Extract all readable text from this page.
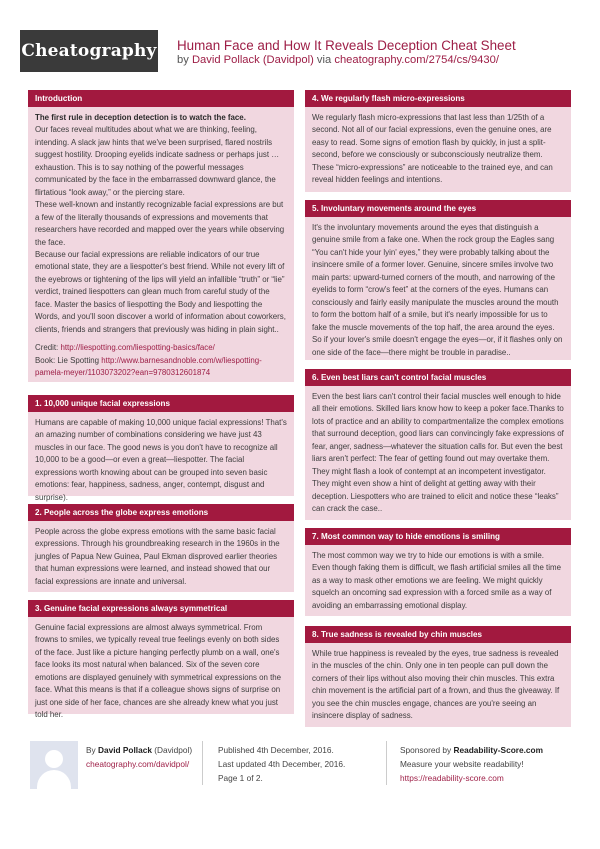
Cheatography Human Face and How It Reveals Deception Cheat Sheet
by David Pollack (Davidpol) via cheatography.com/2754/cs/9430/
Introduction

The first rule in deception detection is to watch the face.

Our faces reveal multitudes about what we are thinking, feeling, intending. A slack jaw hints that we've been surprised, flared nostrils suggest hostility. Drooping eyelids indicate sadness or perhaps just … exhaustion. This is to say nothing of the powerful messages communicated by the face in the embarrassed downward glance, the flirtatious “look away,” or the piercing stare.

These well-known and instantly recognizable facial expressions are but a few of the literally thousands of expressions and movements that researchers have recorded and mapped over the years while observing the face.

Because our facial expressions are reliable indicators of our true emotional state, they are a liespotter's best friend. While not every lift of the eyebrows or tightening of the lips will yield an infallible “truth” or “lie” verdict, trained liespotters can glean much from careful study of the face. Master the basics of liespotting the Body and liespotting the Words, and you'll soon discover a world of information about coworkers, clients, friends and strangers that previously was hiding in plain sight..

Credit: http://liespotting.com/liespotting-basics/face/

Book: Lie Spotting http://www.barnesandnoble.com/w/liespotting-pamela-meyer/1103073202?ean=9780312601874

1. 10,000 unique facial expressions

Humans are capable of making 10,000 unique facial expressions! That's an amazing number of combinations considering we have just 43 muscles in our face. The good news is you don't have to recognize all 10,000 to be a good—or even a great—liespotter. The facial expressions worth knowing about can be grouped into seven basic emotions: fear, happiness, sadness, anger, contempt, disgust and surprise).

2. People across the globe express emotions

People across the globe express emotions with the same basic facial expressions. Through his groundbreaking research in the 1960s in the jungles of Papua New Guinea, Paul Ekman disproved earlier theories that human expressions were learned, and instead showed that our facial expressions are innate and universal.

3. Genuine facial expressions always symmetrical

Genuine facial expressions are almost always symmetrical. From frowns to smiles, we typically reveal true feelings evenly on both sides of the face. Just like a picture hanging perfectly plumb on a wall, one's face looks its most natural when balanced. Six of the seven core emotions are displayed genuinely with symmetrical expressions on the face. What this means is that if a colleague shows signs of surprise on just one side of her face, chances are she already knew what you just told her.

4. We regularly flash micro-expressions

We regularly flash micro-expressions that last less than 1/25th of a second. Not all of our facial expressions, even the genuine ones, are easy to read. Some signs of emotion flash by quickly, in just a split-second, before we consciously or subconsciously neutralize them. These “micro-expressions” are noticeable to the trained eye, and can reveal hidden feelings and intentions.

5. Involuntary movements around the eyes

It's the involuntary movements around the eyes that distinguish a genuine smile from a fake one. When the rock group the Eagles sang “You can't hide your lyin' eyes,” they were probably talking about the insincere smile of a former lover. Genuine, sincere smiles involve two main parts: upward-turned corners of the mouth, and narrowing of the eyelids to form “crow's feet” at the corners of the eyes. Humans can consciously and fairly easily manipulate the muscles around the mouth to form the bottom half of a smile, but it's nearly impossible for us to fake the muscle movements of the top half, the area around the eyes. So if your lover's smile doesn't engage the eyes—or, if it flashes only on one side of the face—there might be trouble in paradise..

6. Even best liars can't control facial muscles

Even the best liars can't control their facial muscles well enough to hide all their emotions. Skilled liars know how to keep a poker face.Thanks to lots of practice and an ability to compartmentalize the complex emotions that surround deception, good liars can convincingly fake expressions of fear, anger, sadness—whatever the situation calls for. But even the best liars aren't perfect: The fear of getting found out may overtake them. They might flash a look of contempt at an incompetent investigator. They might even show a hint of delight at getting away with their deception. Liespotters who are trained to elicit and notice these “leaks” can crack the case..

7. Most common way to hide emotions is smiling

The most common way we try to hide our emotions is with a smile. Even though faking them is difficult, we flash artificial smiles all the time as a way to mask other emotions we are feeling. We might quickly squelch an oncoming sad expression with a forced smile as a way of avoiding an embarrassing emotional display.

8. True sadness is revealed by chin muscles

While true happiness is revealed by the eyes, true sadness is revealed in the muscles of the chin. Only one in ten people can pull down the corners of their lips without also moving their chin muscles. This extra chin movement is the artificial part of a frown, and thus the giveaway. If you see the chin muscles engage, chances are you're seeing an insincere display of sadness.

By David Pollack (Davidpol)
cheatography.com/davidpol/
Published 4th December, 2016.
Last updated 4th December, 2016.
Page 1 of 2.
Sponsored by Readability-Score.com
Measure your website readability!
https://readability-score.com
